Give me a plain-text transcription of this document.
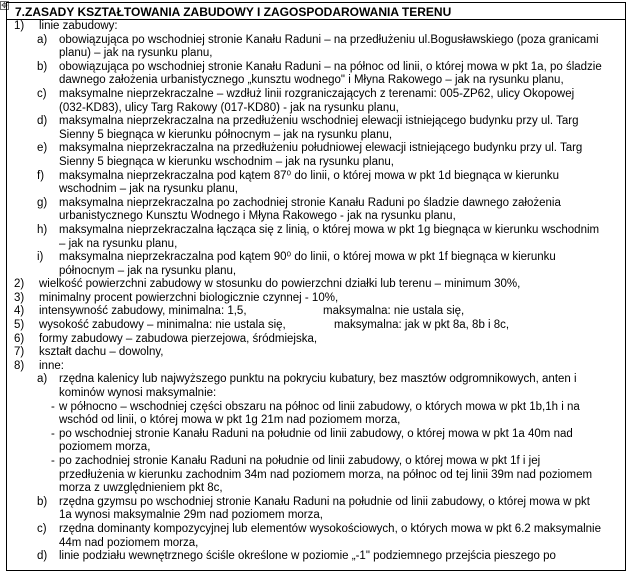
✥ 7.ZASADY KSZTAŁTOWANIA ZABUDOWY I ZAGOSPODAROWANIA TERENU
1) linie zabudowy:
a) obowiązująca po wschodniej stronie Kanału Raduni – na przedłużeniu ul.Bogusławskiego (poza granicami
planu) – jak na rysunku planu,
b) obowiązująca po wschodniej stronie Kanału Raduni – na północ od linii, o której mowa w pkt 1a, po śladzie
dawnego założenia urbanistycznego „kunsztu wodnego" i Młyna Rakowego – jak na rysunku planu,
c) maksymalne nieprzekraczalne – wzdłuż linii rozgraniczających z terenami: 005-ZP62, ulicy Okopowej
(032-KD83), ulicy Targ Rakowy (017-KD80) - jak na rysunku planu,
d) maksymalna nieprzekraczalna na przedłużeniu wschodniej elewacji istniejącego budynku przy ul. Targ
Sienny 5 biegnąca w kierunku północnym – jak na rysunku planu,
e) maksymalna nieprzekraczalna na przedłużeniu południowej elewacji istniejącego budynku przy ul. Targ
Sienny 5 biegnąca w kierunku wschodnim – jak na rysunku planu,
f) maksymalna nieprzekraczalna pod kątem 87⁰ do linii, o której mowa w pkt 1d biegnąca w kierunku
wschodnim – jak na rysunku planu,
g) maksymalna nieprzekraczalna po zachodniej stronie Kanału Raduni po śladzie dawnego założenia
urbanistycznego Kunsztu Wodnego i Młyna Rakowego - jak na rysunku planu,
h) maksymalna nieprzekraczalna łącząca się z linią, o której mowa w pkt 1g biegnąca w kierunku wschodnim
– jak na rysunku planu,
i) maksymalna nieprzekraczalna pod kątem 90⁰ do linii, o której mowa w pkt 1f biegnąca w kierunku
północnym – jak na rysunku planu,
2) wielkość powierzchni zabudowy w stosunku do powierzchni działki lub terenu – minimum 30%,
3) minimalny procent powierzchni biologicznie czynnej - 10%,
4) intensywność zabudowy, minimalna: 1,5,	maksymalna: nie ustala się,
5) wysokość zabudowy – minimalna: nie ustala się,	maksymalna: jak w pkt 8a, 8b i 8c,
6) formy zabudowy – zabudowa pierzejowa, śródmiejska,
7) kształt dachu – dowolny,
8) inne:
a) rzędna kalenicy lub najwyższego punktu na pokryciu kubatury, bez masztów odgromnikowych, anten i
kominów wynosi maksymalnie:
- w północno – wschodniej części obszaru na północ od linii zabudowy, o których mowa w pkt 1b,1h i na
wschód od linii, o której mowa w pkt 1g 21m nad poziomem morza,
- po wschodniej stronie Kanału Raduni na południe od linii zabudowy, o której mowa w pkt 1a 40m nad
poziomem morza,
- po zachodniej stronie Kanału Raduni na południe od linii zabudowy, o której mowa w pkt 1f i jej
przedłużenia w kierunku zachodnim 34m nad poziomem morza, na północ od tej linii 39m nad poziomem
morza z uwzględnieniem pkt 8c,
b) rzędna gzymsu po wschodniej stronie Kanału Raduni na południe od linii zabudowy, o której mowa w pkt
1a wynosi maksymalnie 29m nad poziomem morza,
c) rzędna dominanty kompozycyjnej lub elementów wysokościowych, o których mowa w pkt 6.2 maksymalnie
44m nad poziomem morza,
d) linie podziału wewnętrznego ściśle określone w poziomie „-1" podziemnego przejścia pieszego po
